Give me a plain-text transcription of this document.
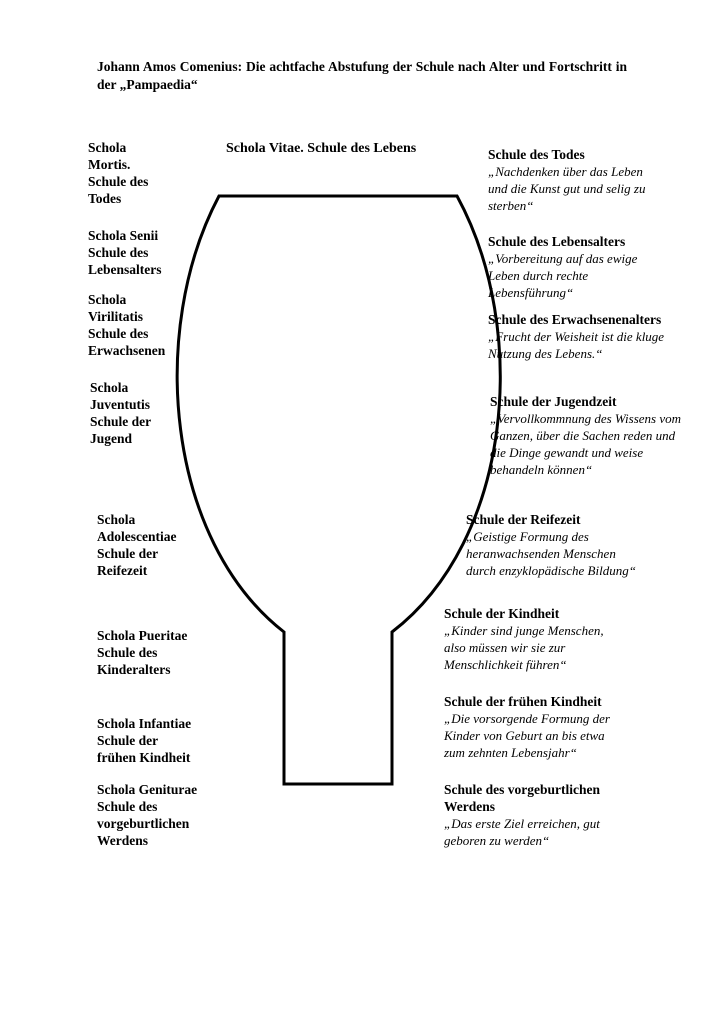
Johann Amos Comenius: Die achtfache Abstufung der Schule nach Alter und Fortschritt in der „Pampaedia“
Schola Vitae. Schule des Lebens
Schola
Mortis.
Schule des
Todes
Schola Senii
Schule des
Lebensalters
Schola
Virilitatis
Schule des
Erwachsenen
Schola
Juventutis
Schule der
Jugend
Schola
Adolescentiae
Schule der
Reifezeit
Schola Pueritae
Schule des
Kinderalters
Schola Infantiae
Schule der
frühen Kindheit
Schola Geniturae
Schule des
vorgeburtlichen
Werdens
Schule des Todes
„Nachdenken über das Leben
und die Kunst gut und selig zu
sterben“
Schule des Lebensalters
„Vorbereitung auf das ewige
Leben durch rechte
Lebensführung“
Schule des Erwachsenenalters
„Frucht der Weisheit ist die kluge
Nutzung des Lebens.“
Schule der Jugendzeit
„Vervollkommnung des Wissens vom
Ganzen, über die Sachen reden und
die Dinge gewandt und weise
behandeln können“
Schule der Reifezeit
„Geistige Formung des
heranwachsenden Menschen
durch enzyklopädische Bildung“
Schule der Kindheit
„Kinder sind junge Menschen,
also müssen wir sie zur
Menschlichkeit führen“
Schule der frühen Kindheit
„Die vorsorgende Formung der
Kinder von Geburt an bis etwa
zum zehnten Lebensjahr“
Schule des vorgeburtlichen
Werdens
„Das erste Ziel erreichen, gut
geboren zu werden“
